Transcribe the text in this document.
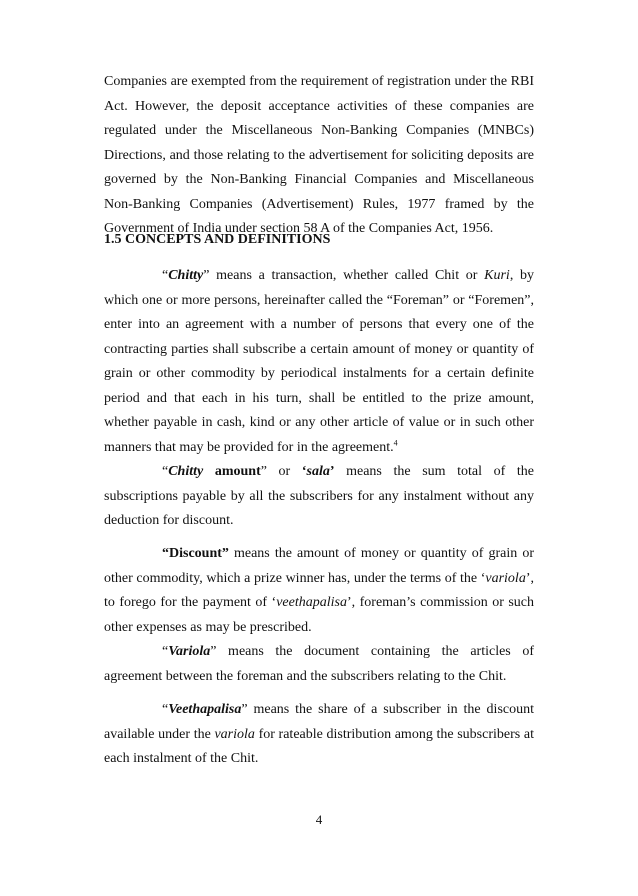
Companies are exempted from the requirement of registration under the RBI Act. However, the deposit acceptance activities of these companies are regulated under the Miscellaneous Non-Banking Companies (MNBCs) Directions, and those relating to the advertisement for soliciting deposits are governed by the Non-Banking Financial Companies and Miscellaneous Non-Banking Companies (Advertisement) Rules, 1977 framed by the Government of India under section 58 A of the Companies Act, 1956.

1.5 CONCEPTS AND DEFINITIONS

“Chitty” means a transaction, whether called Chit or Kuri, by which one or more persons, hereinafter called the “Foreman” or “Foremen”, enter into an agreement with a number of persons that every one of the contracting parties shall subscribe a certain amount of money or quantity of grain or other commodity by periodical instalments for a certain definite period and that each in his turn, shall be entitled to the prize amount, whether payable in cash, kind or any other article of value or in such other manners that may be provided for in the agreement.$^4$

“Chitty amount” or ‘sala’ means the sum total of the subscriptions payable by all the subscribers for any instalment without any deduction for discount.

“Discount” means the amount of money or quantity of grain or other commodity, which a prize winner has, under the terms of the ‘variola’, to forego for the payment of ‘veethapalisa’, foreman’s commission or such other expenses as may be prescribed.

“Variola” means the document containing the articles of agreement between the foreman and the subscribers relating to the Chit.

“Veethapalisa” means the share of a subscriber in the discount available under the variola for rateable distribution among the subscribers at each instalment of the Chit.

4
